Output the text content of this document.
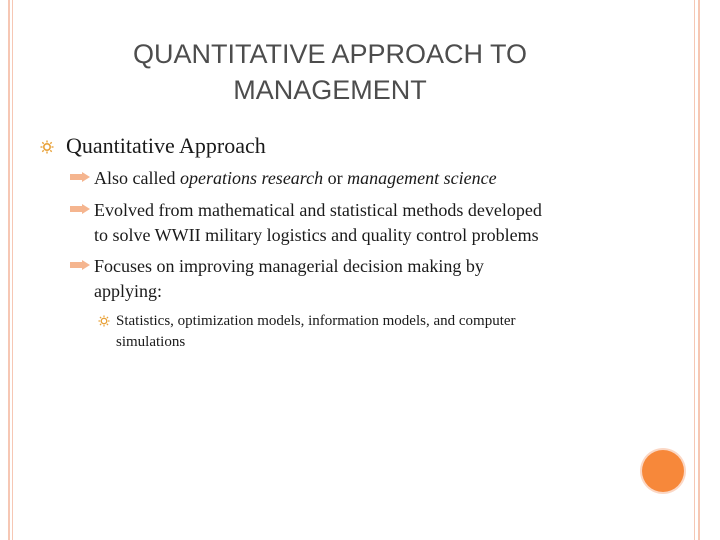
QUANTITATIVE APPROACH TO
MANAGEMENT
Quantitative Approach
Also called operations research or management science
Evolved from mathematical and statistical methods developed
to solve WWII military logistics and quality control problems
Focuses on improving managerial decision making by
applying:
Statistics, optimization models, information models, and computer
simulations
